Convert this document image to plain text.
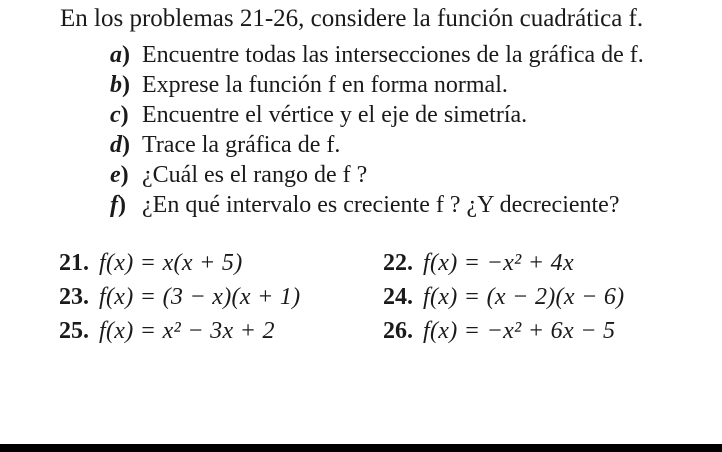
En los problemas 21-26, considere la función cuadrática f.
a) Encuentre todas las intersecciones de la gráfica de f.
b) Exprese la función f en forma normal.
c) Encuentre el vértice y el eje de simetría.
d) Trace la gráfica de f.
e) ¿Cuál es el rango de f ?
f) ¿En qué intervalo es creciente f ? ¿Y decreciente?
21. f(x) = x(x + 5)	22. f(x) = −x² + 4x
23. f(x) = (3 − x)(x + 1)	24. f(x) = (x − 2)(x − 6)
25. f(x) = x² − 3x + 2	26. f(x) = −x² + 6x − 5
